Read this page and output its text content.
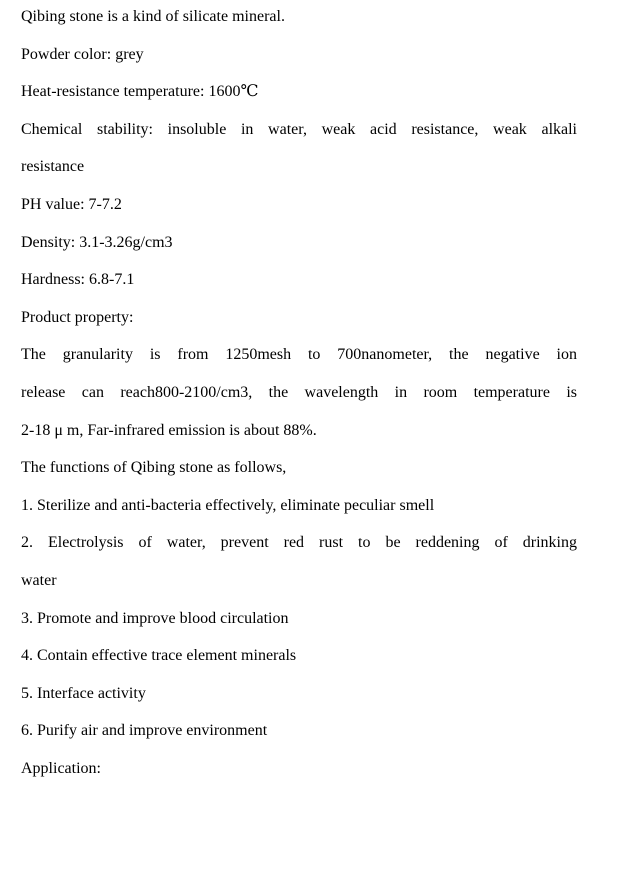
Qibing stone is a kind of silicate mineral.
Powder color: grey
Heat-resistance temperature: 1600℃
Chemical stability: insoluble in water, weak acid resistance, weak alkali
resistance
PH value: 7-7.2
Density: 3.1-3.26g/cm3
Hardness: 6.8-7.1
Product property:
The granularity is from 1250mesh to 700nanometer, the negative ion
release can reach800-2100/cm3, the wavelength in room temperature is
2-18 μ m, Far-infrared emission is about 88%.
The functions of Qibing stone as follows,
1. Sterilize and anti-bacteria effectively, eliminate peculiar smell
2. Electrolysis of water, prevent red rust to be reddening of drinking
water
3. Promote and improve blood circulation
4. Contain effective trace element minerals
5. Interface activity
6. Purify air and improve environment
Application:
